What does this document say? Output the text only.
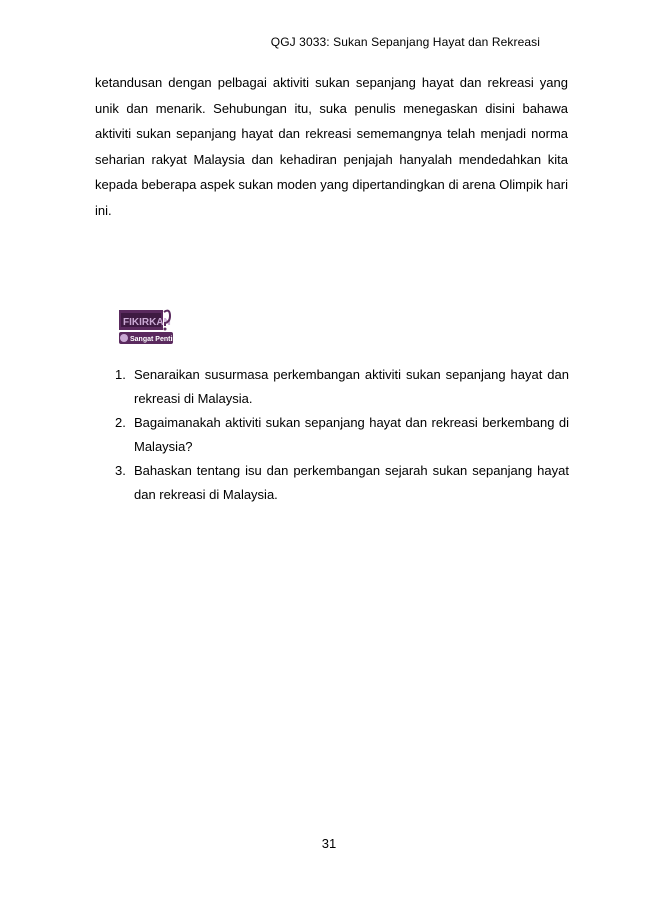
QGJ 3033: Sukan Sepanjang Hayat dan Rekreasi
ketandusan dengan pelbagai aktiviti sukan sepanjang hayat dan rekreasi yang unik dan menarik. Sehubungan itu, suka penulis menegaskan disini bahawa aktiviti sukan sepanjang hayat dan rekreasi sememangnya telah menjadi norma seharian rakyat Malaysia dan kehadiran penjajah hanyalah mendedahkan kita kepada beberapa aspek sukan moden yang dipertandingkan di arena Olimpik hari ini.
FIKIRKAN
Sangat Penting
1. Senaraikan susurmasa perkembangan aktiviti sukan sepanjang hayat dan rekreasi di Malaysia.
2. Bagaimanakah aktiviti sukan sepanjang hayat dan rekreasi berkembang di Malaysia?
3. Bahaskan tentang isu dan perkembangan sejarah sukan sepanjang hayat dan rekreasi di Malaysia.
31
